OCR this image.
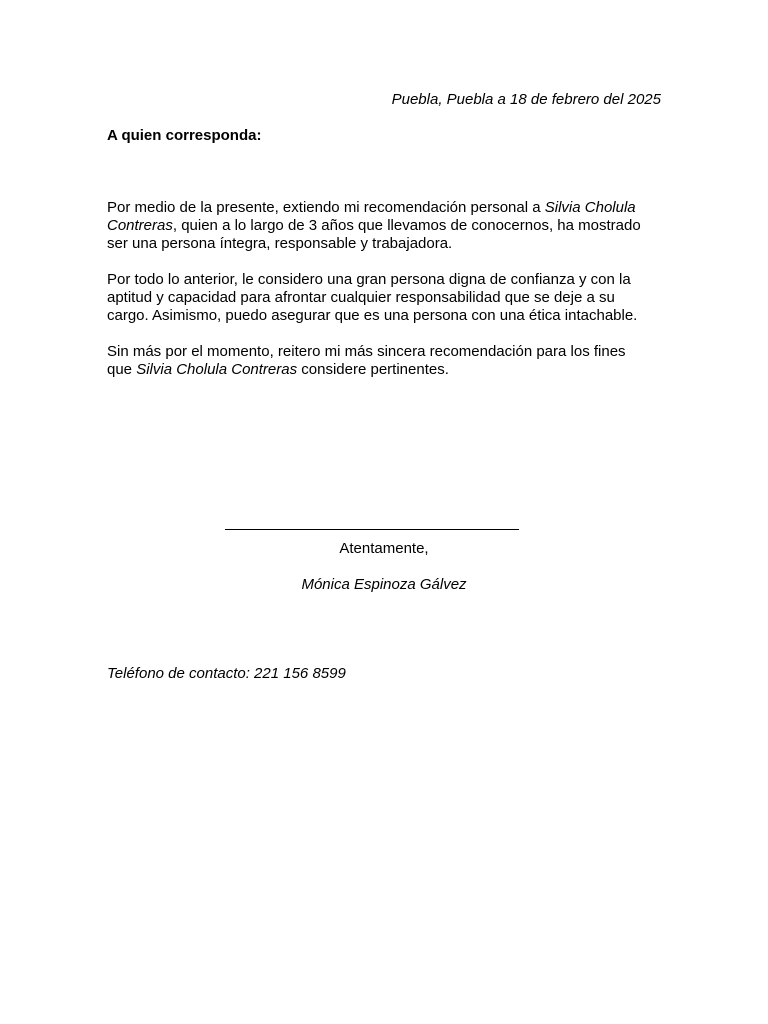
Puebla, Puebla a 18 de febrero del 2025
A quien corresponda:

Por medio de la presente, extiendo mi recomendación personal a Silvia Cholula Contreras, quien a lo largo de 3 años que llevamos de conocernos, ha mostrado ser una persona íntegra, responsable y trabajadora.

Por todo lo anterior, le considero una gran persona digna de confianza y con la aptitud y capacidad para afrontar cualquier responsabilidad que se deje a su cargo. Asimismo, puedo asegurar que es una persona con una ética intachable.

Sin más por el momento, reitero mi más sincera recomendación para los fines que Silvia Cholula Contreras considere pertinentes.

Atentamente,
Mónica Espinoza Gálvez
Teléfono de contacto: 221 156 8599
